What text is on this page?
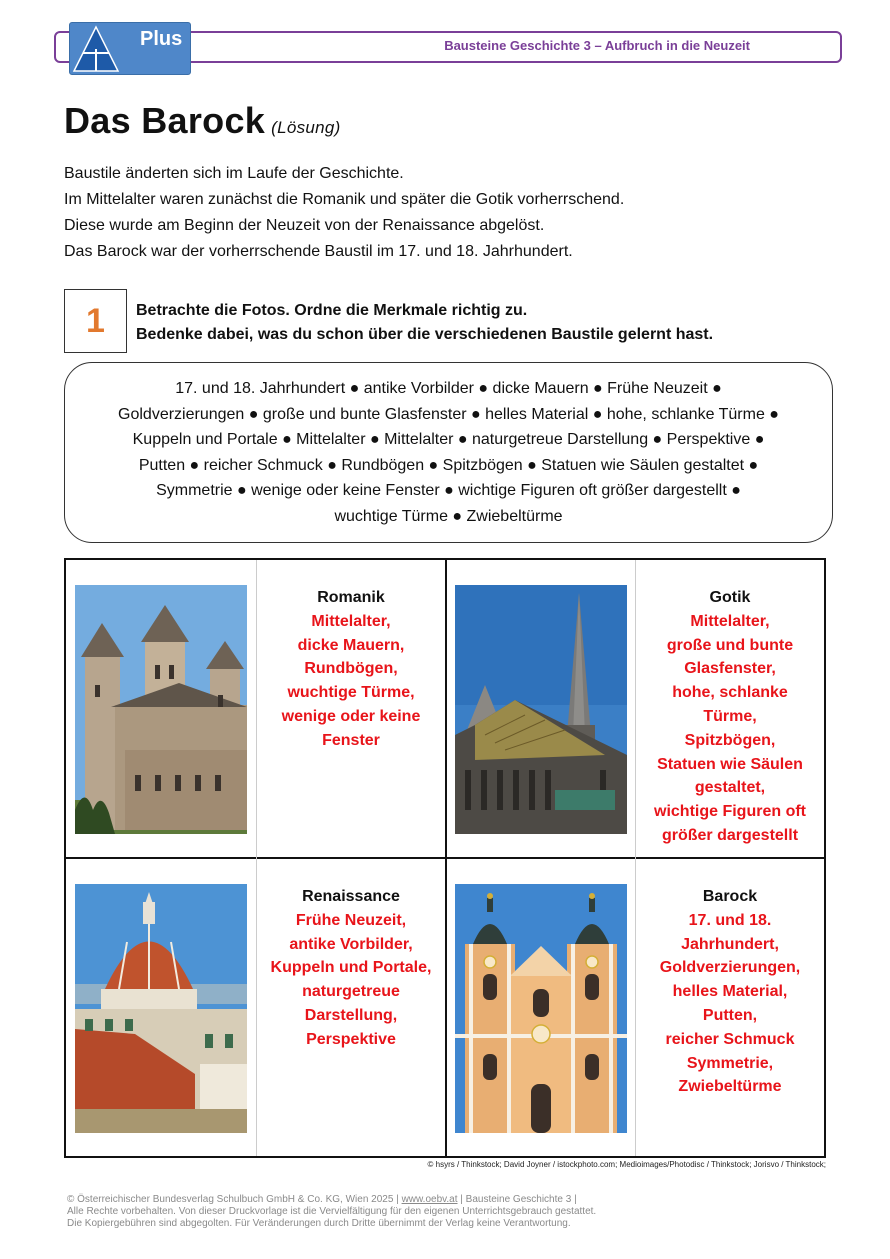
Bausteine Geschichte 3 – Aufbruch in die Neuzeit
Plus
Das Barock (Lösung)
Baustile änderten sich im Laufe der Geschichte.
Im Mittelalter waren zunächst die Romanik und später die Gotik vorherrschend.
Diese wurde am Beginn der Neuzeit von der Renaissance abgelöst.
Das Barock war der vorherrschende Baustil im 17. und 18. Jahrhundert.
1	Betrachte die Fotos. Ordne die Merkmale richtig zu.
Bedenke dabei, was du schon über die verschiedenen Baustile gelernt hast.
17. und 18. Jahrhundert ● antike Vorbilder ● dicke Mauern ● Frühe Neuzeit ●
Goldverzierungen ● große und bunte Glasfenster ● helles Material ● hohe, schlanke Türme ●
Kuppeln und Portale ● Mittelalter ● Mittelalter ● naturgetreue Darstellung ● Perspektive ●
Putten ● reicher Schmuck ● Rundbögen ● Spitzbögen ● Statuen wie Säulen gestaltet ●
Symmetrie ● wenige oder keine Fenster ● wichtige Figuren oft größer dargestellt ●
wuchtige Türme ● Zwiebeltürme
Romanik
Mittelalter,
dicke Mauern,
Rundbögen,
wuchtige Türme,
wenige oder keine
Fenster
Gotik
Mittelalter,
große und bunte
Glasfenster,
hohe, schlanke
Türme,
Spitzbögen,
Statuen wie Säulen
gestaltet,
wichtige Figuren oft
größer dargestellt
Renaissance
Frühe Neuzeit,
antike Vorbilder,
Kuppeln und Portale,
naturgetreue
Darstellung,
Perspektive
Barock
17. und 18.
Jahrhundert,
Goldverzierungen,
helles Material,
Putten,
reicher Schmuck
Symmetrie,
Zwiebeltürme
© hsyrs / Thinkstock; David Joyner / istockphoto.com; Medioimages/Photodisc / Thinkstock; Jorisvo / Thinkstock;
© Österreichischer Bundesverlag Schulbuch GmbH & Co. KG, Wien 2025 | www.oebv.at | Bausteine Geschichte 3 |
Alle Rechte vorbehalten. Von dieser Druckvorlage ist die Vervielfältigung für den eigenen Unterrichtsgebrauch gestattet.
Die Kopiergebühren sind abgegolten. Für Veränderungen durch Dritte übernimmt der Verlag keine Verantwortung.
